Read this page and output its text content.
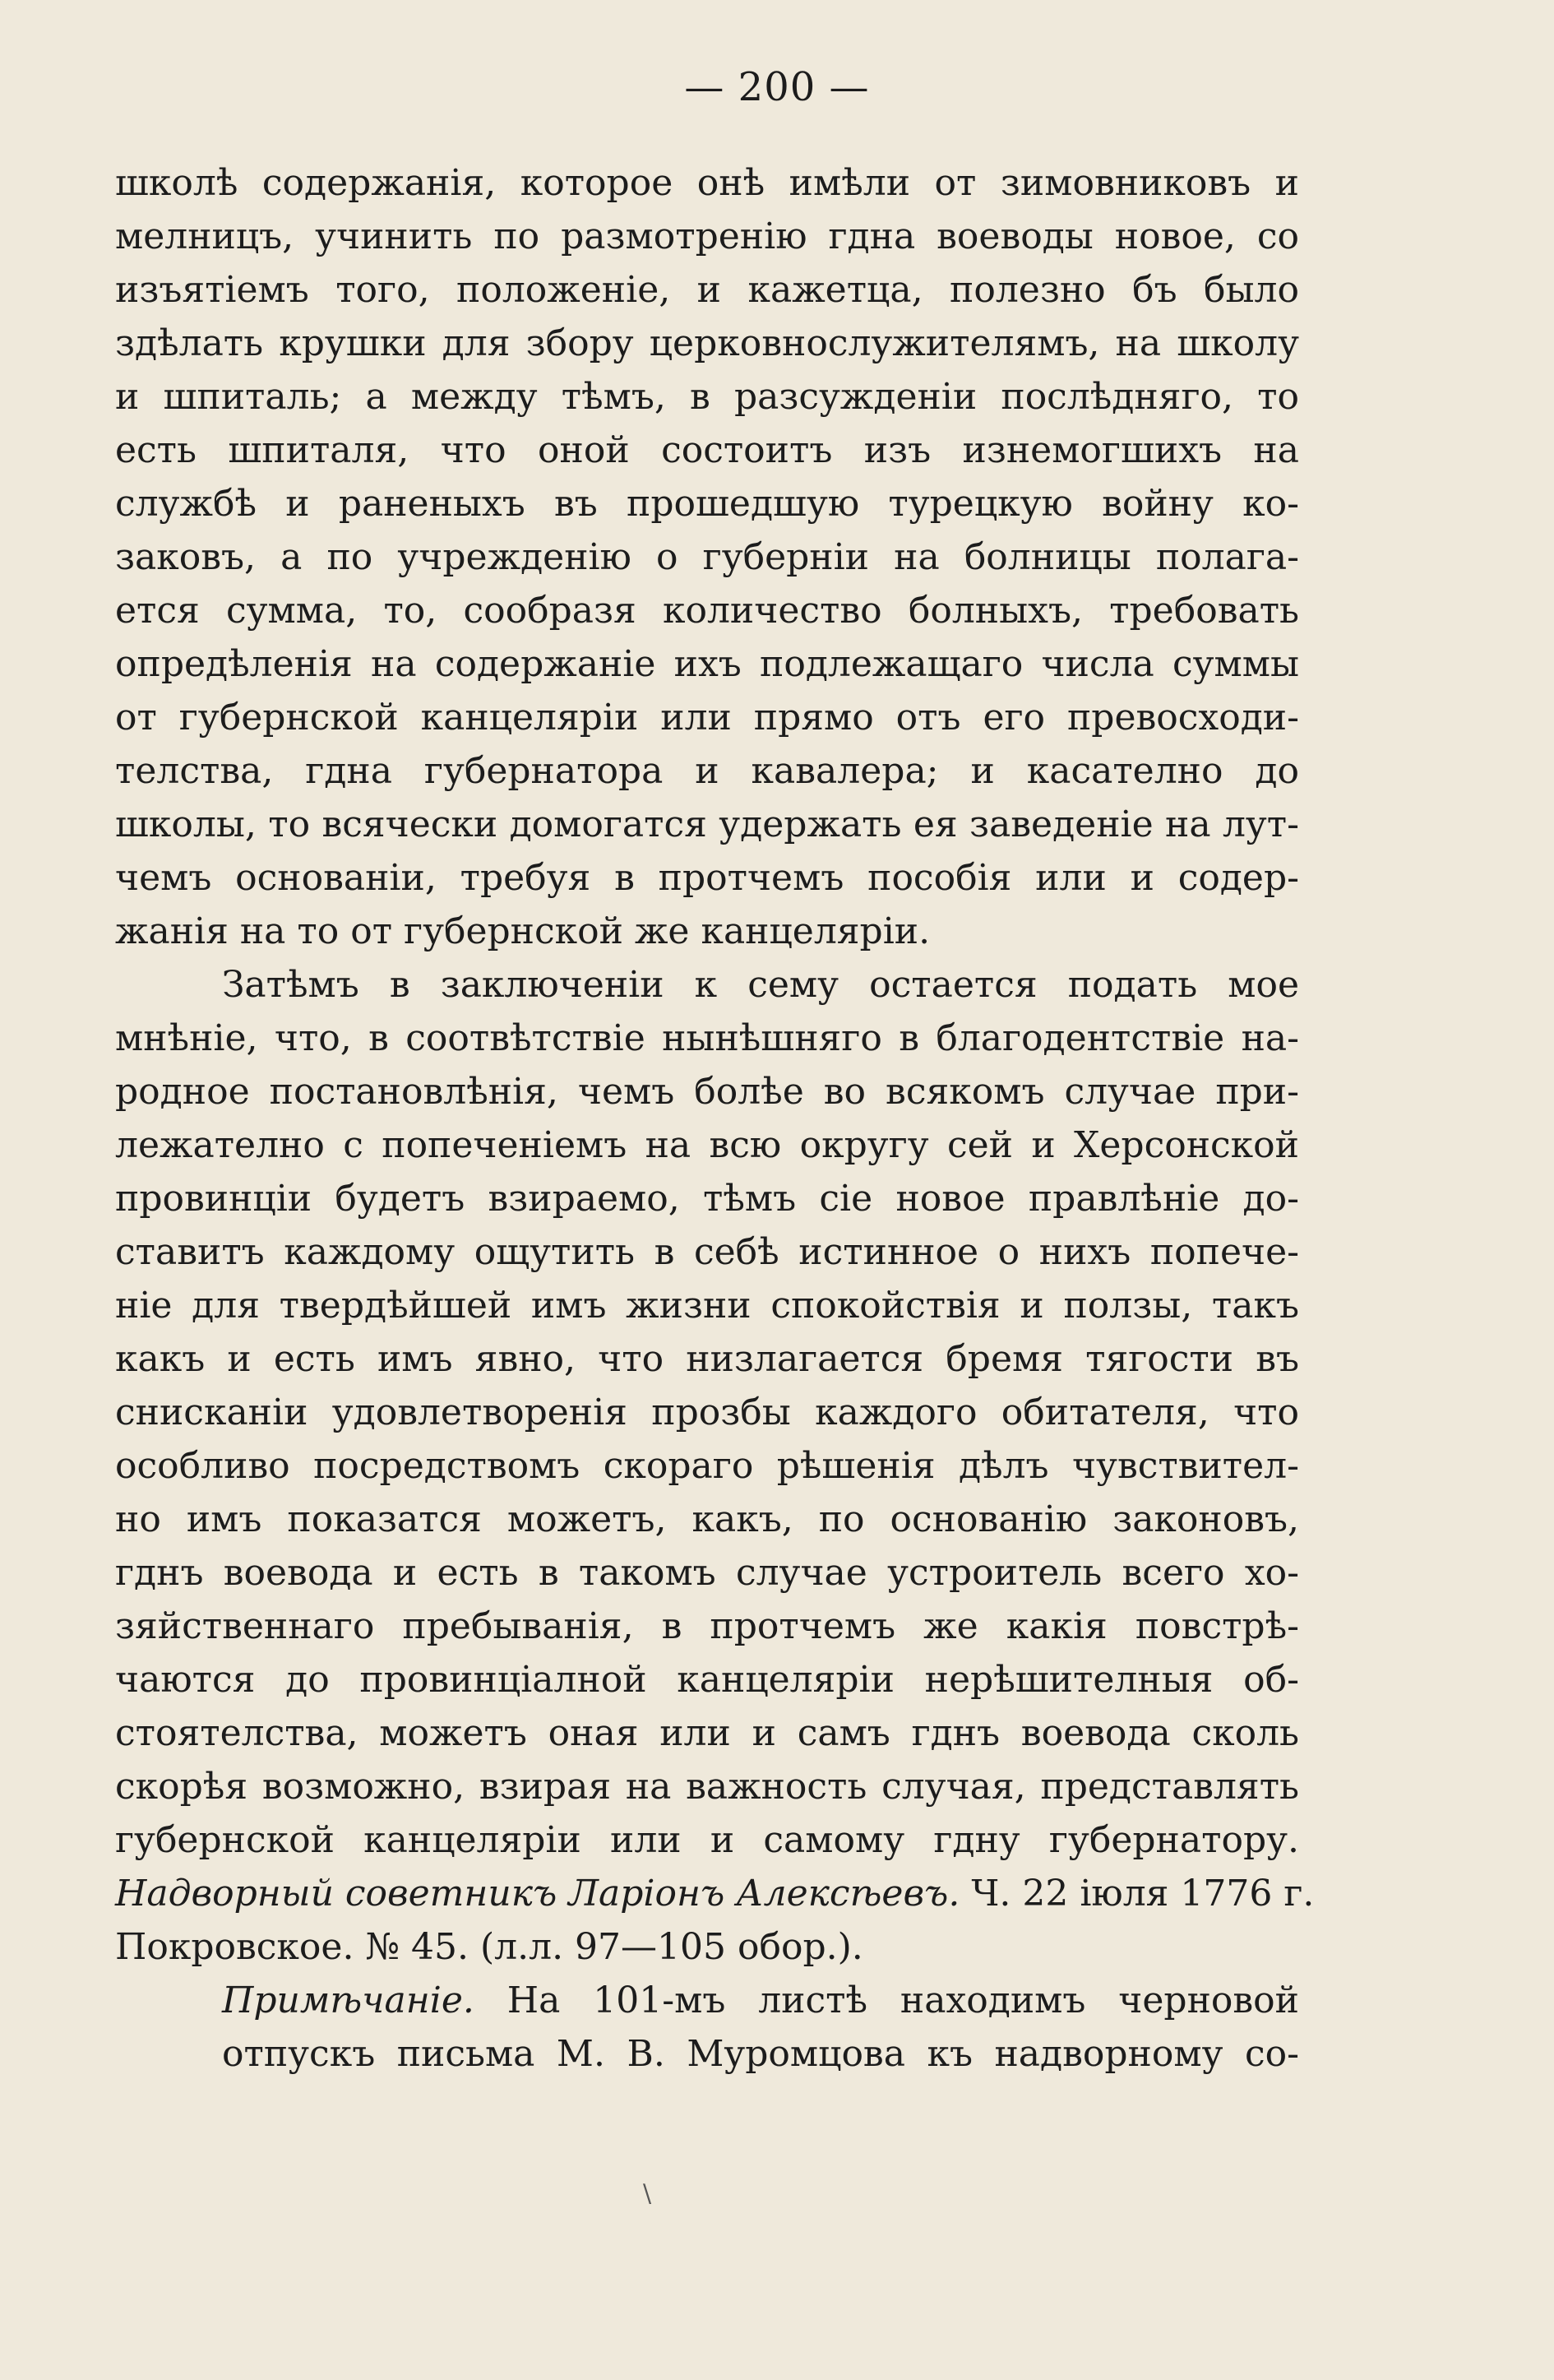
— 200 —
школѣ содержанія, которое онѣ имѣли от зимовниковъ и
мелницъ, учинить по размотренію гдна воеводы новое, со
изъятіемъ того, положеніе, и кажетца, полезно бъ было
здѣлать крушки для збору церковнослужителямъ, на школу
и шпиталь; а между тѣмъ, в разсужденіи послѣдняго, то
есть шпиталя, что оной состоитъ изъ изнемогшихъ на
службѣ и раненыхъ въ прошедшую турецкую войну ко-
заковъ, а по учрежденію о губерніи на болницы полага-
ется сумма, то, сообразя количество болныхъ, требовать
опредѣленія на содержаніе ихъ подлежащаго числа суммы
от губернской канцеляріи или прямо отъ его превосходи-
телства, гдна губернатора и кавалера; и касателно до
школы, то всячески домогатся удержать ея заведеніе на лут-
чемъ основаніи, требуя в протчемъ пособія или и содер-
жанія на то от губернской же канцеляріи.
Затѣмъ в заключеніи к сему остается подать мое
мнѣніе, что, в соотвѣтствіе нынѣшняго в благодентствіе на-
родное постановлѣнія, чемъ болѣе во всякомъ случае при-
лежателно с попеченіемъ на всю округу сей и Херсонской
провинціи будетъ взираемо, тѣмъ сіе новое правлѣніе до-
ставитъ каждому ощутить в себѣ истинное о нихъ попече-
ніе для твердѣйшей имъ жизни спокойствія и ползы, такъ
какъ и есть имъ явно, что низлагается бремя тягости въ
снисканіи удовлетворенія прозбы каждого обитателя, что
особливо посредствомъ скораго рѣшенія дѣлъ чувствител-
но имъ показатся можетъ, какъ, по основанію законовъ,
гднъ воевода и есть в такомъ случае устроитель всего хо-
зяйственнаго пребыванія, в протчемъ же какія повстрѣ-
чаются до провинціалной канцеляріи нерѣшителныя об-
стоятелства, можетъ оная или и самъ гднъ воевода сколь
скорѣя возможно, взирая на важность случая, представлять
губернской канцеляріи или и самому гдну губернатору.
Надворный советникъ Ларіонъ Алексѣевъ. Ч. 22 іюля 1776 г.
Покровское. № 45. (л.л. 97—105 обор.).
Примѣчаніе. На 101-мъ листѣ находимъ черновой
отпускъ письма М. В. Муромцова къ надворному со-
\
